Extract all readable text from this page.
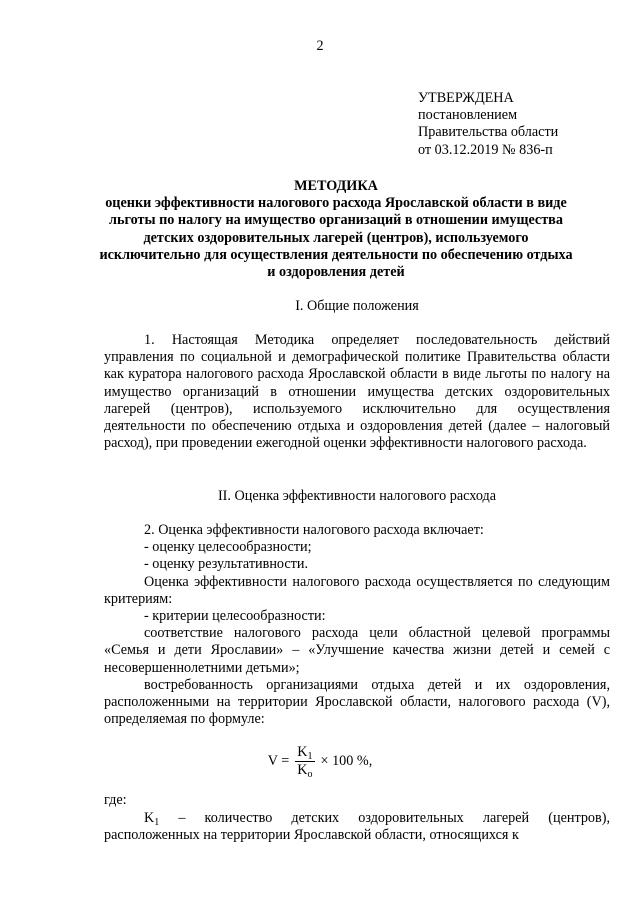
2
УТВЕРЖДЕНА
постановлением
Правительства области
от 03.12.2019 № 836-п
МЕТОДИКА
оценки эффективности налогового расхода Ярославской области в виде льготы по налогу на имущество организаций в отношении имущества детских оздоровительных лагерей (центров), используемого исключительно для осуществления деятельности по обеспечению отдыха и оздоровления детей
I. Общие положения
1. Настоящая Методика определяет последовательность действий управления по социальной и демографической политике Правительства области как куратора налогового расхода Ярославской области в виде льготы по налогу на имущество организаций в отношении имущества детских оздоровительных лагерей (центров), используемого исключительно для осуществления деятельности по обеспечению отдыха и оздоровления детей (далее – налоговый расход), при проведении ежегодной оценки эффективности налогового расхода.
II. Оценка эффективности налогового расхода
2. Оценка эффективности налогового расхода включает:
- оценку целесообразности;
- оценку результативности.
Оценка эффективности налогового расхода осуществляется по следующим критериям:
- критерии целесообразности:
соответствие налогового расхода цели областной целевой программы «Семья и дети Ярославии» – «Улучшение качества жизни детей и семей с несовершеннолетними детьми»;
востребованность организациями отдыха детей и их оздоровления, расположенными на территории Ярославской области, налогового расхода (V), определяемая по формуле:
$V = \frac{K_1}{K_o} \times 100$ %,
где:
$K_1$ – количество детских оздоровительных лагерей (центров), расположенных на территории Ярославской области, относящихся к
